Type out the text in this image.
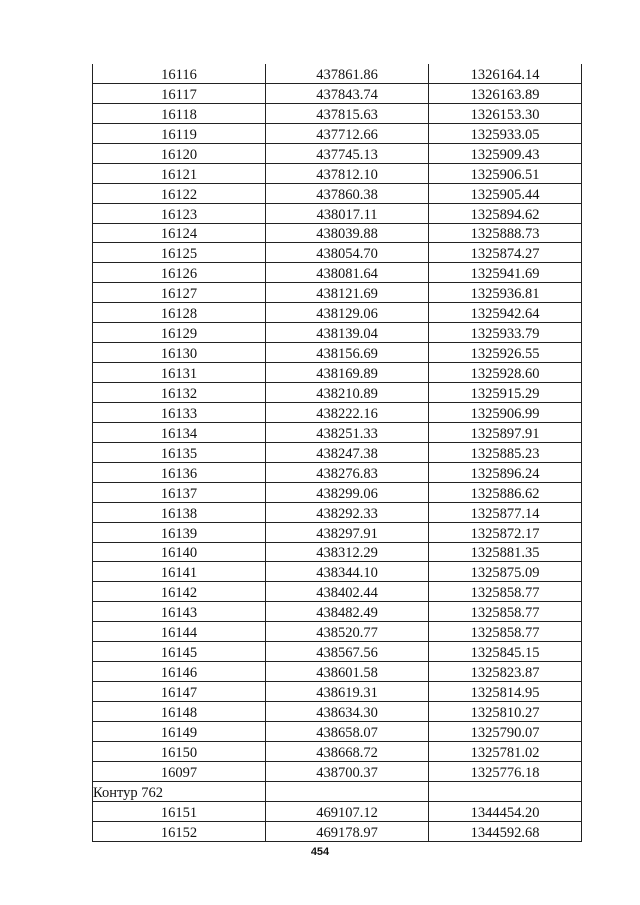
16116	437861.86	1326164.14
16117	437843.74	1326163.89
16118	437815.63	1326153.30
16119	437712.66	1325933.05
16120	437745.13	1325909.43
16121	437812.10	1325906.51
16122	437860.38	1325905.44
16123	438017.11	1325894.62
16124	438039.88	1325888.73
16125	438054.70	1325874.27
16126	438081.64	1325941.69
16127	438121.69	1325936.81
16128	438129.06	1325942.64
16129	438139.04	1325933.79
16130	438156.69	1325926.55
16131	438169.89	1325928.60
16132	438210.89	1325915.29
16133	438222.16	1325906.99
16134	438251.33	1325897.91
16135	438247.38	1325885.23
16136	438276.83	1325896.24
16137	438299.06	1325886.62
16138	438292.33	1325877.14
16139	438297.91	1325872.17
16140	438312.29	1325881.35
16141	438344.10	1325875.09
16142	438402.44	1325858.77
16143	438482.49	1325858.77
16144	438520.77	1325858.77
16145	438567.56	1325845.15
16146	438601.58	1325823.87
16147	438619.31	1325814.95
16148	438634.30	1325810.27
16149	438658.07	1325790.07
16150	438668.72	1325781.02
16097	438700.37	1325776.18
Контур 762		
16151	469107.12	1344454.20
16152	469178.97	1344592.68
454
